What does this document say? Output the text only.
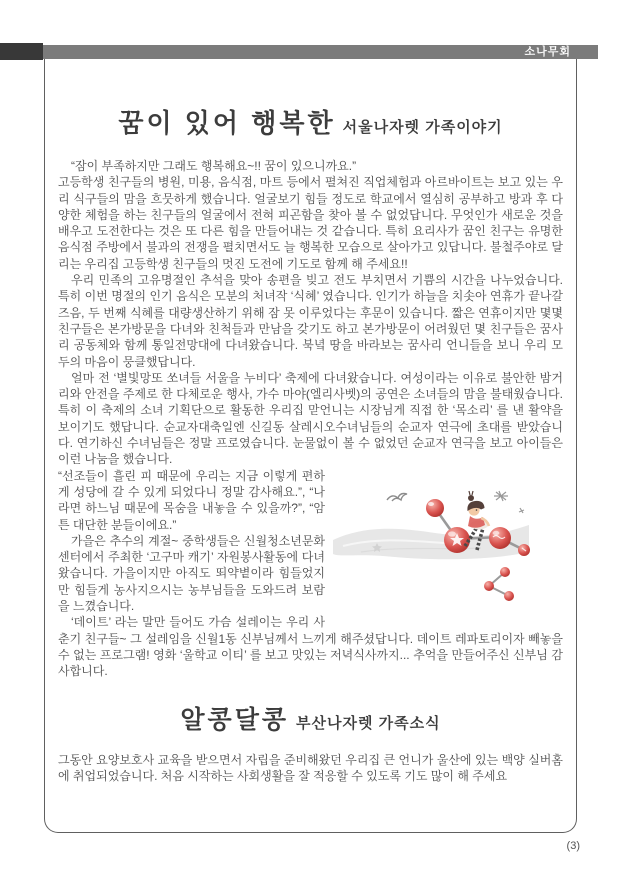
소나무회
꿈이 있어 행복한 서울나자렛 가족이야기
“잠이 부족하지만 그래도 행복해요~!! 꿈이 있으니까요.”

고등학생 친구들의 병원, 미용, 음식점, 마트 등에서 펼쳐진 직업체험과 아르바이트는 보고 있는 우리 식구들의 맘을 흐뭇하게 했습니다. 얼굴보기 힘들 정도로 학교에서 열심히 공부하고 방과 후 다양한 체험을 하는 친구들의 얼굴에서 전혀 피곤함을 찾아 볼 수 없었답니다. 무엇인가 새로운 것을 배우고 도전한다는 것은 또 다른 힘을 만들어내는 것 같습니다. 특히 요리사가 꿈인 친구는 유명한 음식점 주방에서 불과의 전쟁을 펼치면서도 늘 행복한 모습으로 살아가고 있답니다. 불철주야로 달리는 우리집 고등학생 친구들의 멋진 도전에 기도로 함께 해 주세요!!

우리 민족의 고유명절인 추석을 맞아 송편을 빚고 전도 부치면서 기쁨의 시간을 나누었습니다. 특히 이번 명절의 인기 음식은 모분의 처녀작 ‘식혜’ 였습니다. 인기가 하늘을 치솟아 연휴가 끝나갈 즈음, 두 번째 식혜를 대량생산하기 위해 잠 못 이루었다는 후문이 있습니다. 짧은 연휴이지만 몇몇 친구들은 본가방문을 다녀와 친척들과 만남을 갖기도 하고 본가방문이 어려웠던 몇 친구들은 꿈사리 공동체와 함께 통일전망대에 다녀왔습니다. 북녘 땅을 바라보는 꿈사리 언니들을 보니 우리 모두의 마음이 뭉클했답니다.

얼마 전 ‘별빛망또 쏘녀들 서울을 누비다’ 축제에 다녀왔습니다. 여성이라는 이유로 불안한 밤거리와 안전을 주제로 한 다체로운 행사, 가수 마야(엘리사벳)의 공연은 소녀들의 맘을 불태웠습니다. 특히 이 축제의 소녀 기획단으로 활동한 우리집 맏언니는 시장님게 직접 한 ‘목소리’ 를 낸 활약을 보이기도 했답니다. 순교자대축일엔 신길동 살레시오수녀님들의 순교자 연극에 초대를 받았습니다. 연기하신 수녀님들은 정말 프로였습니다. 눈물없이 볼 수 없었던 순교자 연극을 보고 아이들은 이런 나눔을 했습니다.

“선조들이 흘린 피 때문에 우리는 지금 이렇게 편하게 성당에 갈 수 있게 되었다니 정말 감사해요.”, “나라면 하느님 때문에 목숨을 내놓을 수 있을까?”, “암튼 대단한 분들이에요.”

가을은 추수의 계절~ 중학생들은 신월청소년문화센터에서 주최한 ‘고구마 캐기’ 자원봉사활동에 다녀왔습니다. 가을이지만 아직도 뙤약볕이라 힘들었지만 힘들게 농사지으시는 농부님들을 도와드려 보람을 느꼈습니다.

‘데이트’ 라는 말만 들어도 가슴 설레이는 우리 사춘기 친구들~ 그 설레임을 신월1동 신부님께서 느끼게 해주셨답니다. 데이트 레파토리이자 빼놓을 수 없는 프로그램! 영화 ‘울학교 이티’ 를 보고 맛있는 저녁식사까지... 추억을 만들어주신 신부님 감사합니다.

알콩달콩 부산나자렛 가족소식

그동안 요양보호사 교육을 받으면서 자립을 준비해왔던 우리집 큰 언니가 울산에 있는 백양 실버홈에 취업되었습니다. 처음 시작하는 사회생활을 잘 적응할 수 있도록 기도 많이 해 주세요

(3)
